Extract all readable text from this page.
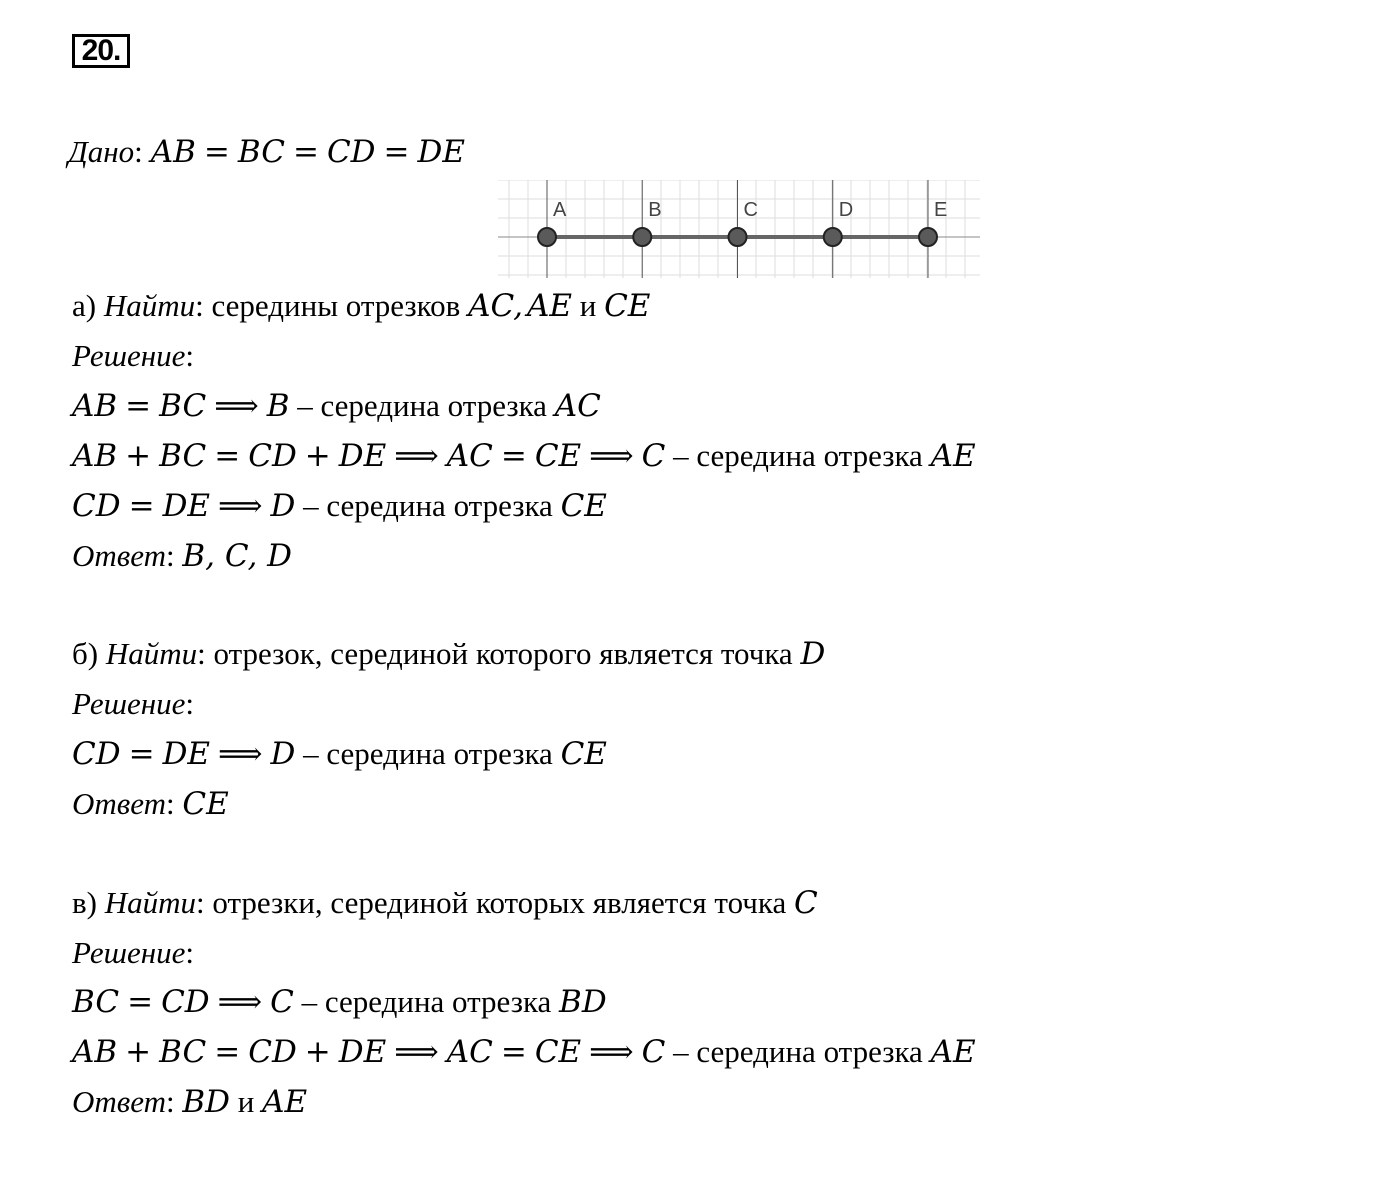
20.
Дано: AB = BC = CD = DE
A	B	C	D	E
а) Найти: середины отрезков AC, AE и CE
Решение:
AB = BC ⟹ B – середина отрезка AC
AB + BC = CD + DE ⟹ AC = CE ⟹ C – середина отрезка AE
CD = DE ⟹ D – середина отрезка CE
Ответ: B, C, D
б) Найти: отрезок, серединой которого является точка D
Решение:
CD = DE ⟹ D – середина отрезка CE
Ответ: CE
в) Найти: отрезки, серединой которых является точка C
Решение:
BC = CD ⟹ C – середина отрезка BD
AB + BC = CD + DE ⟹ AC = CE ⟹ C – середина отрезка AE
Ответ: BD и AE
